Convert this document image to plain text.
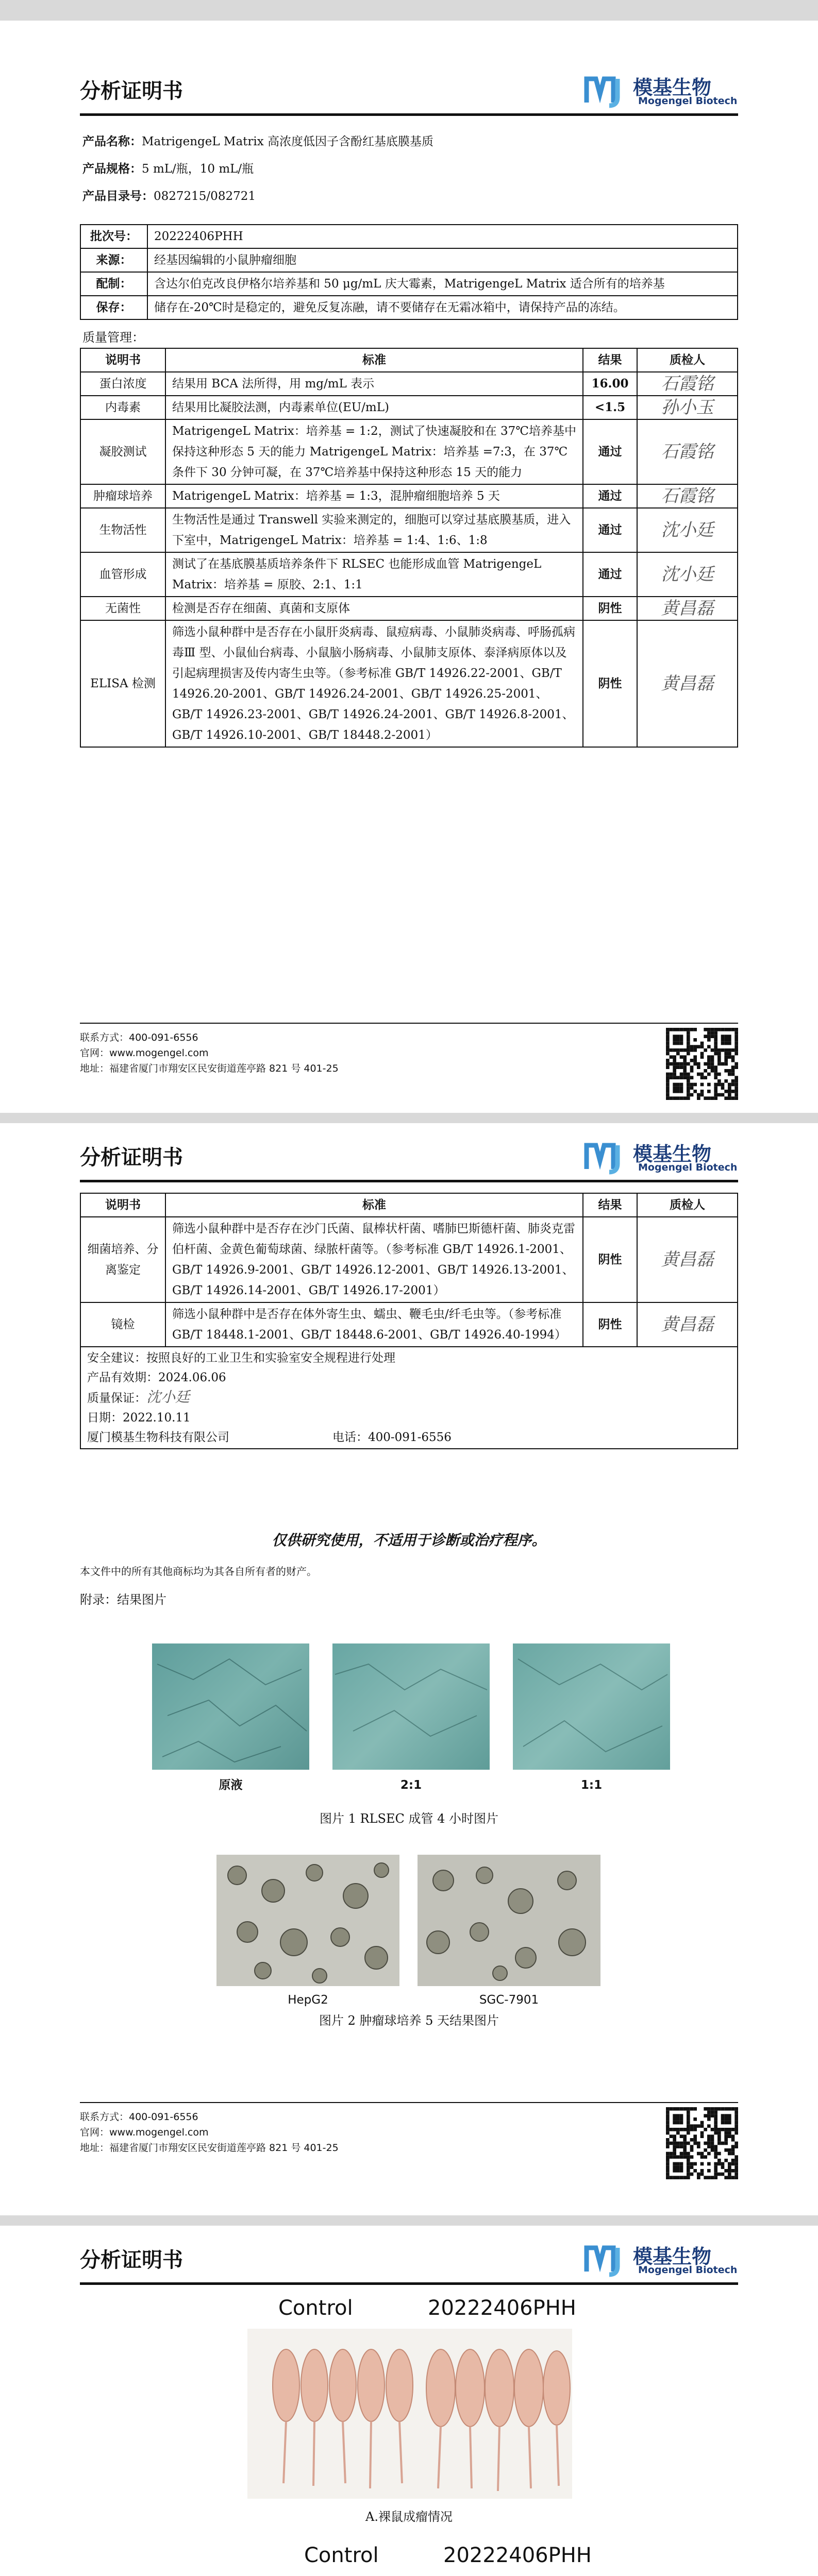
分析证明书	模基生物
Mogengel Biotech
产品名称：MatrigengeL Matrix 高浓度低因子含酚红基底膜基质
产品规格：5 mL/瓶，10 mL/瓶
产品目录号：0827215/082721
批次号：	20222406PHH
来源：	经基因编辑的小鼠肿瘤细胞
配制：	含达尔伯克改良伊格尔培养基和 50 μg/mL 庆大霉素，MatrigengeL Matrix 适合所有的培养基
保存：	储存在-20℃时是稳定的，避免反复冻融，请不要储存在无霜冰箱中，请保持产品的冻结。
质量管理：
说明书	标准	结果	质检人
蛋白浓度	结果用 BCA 法所得，用 mg/mL 表示	16.00	石霞铭
内毒素	结果用比凝胶法测，内毒素单位(EU/mL)	<1.5	孙小玉
凝胶测试	MatrigengeL Matrix：培养基 = 1:2，测试了快速凝胶和在 37℃培养基中保持这种形态 5 天的能力 MatrigengeL Matrix：培养基 =7:3，在 37℃条件下 30 分钟可凝，在 37℃培养基中保持这种形态 15 天的能力	通过	石霞铭
肿瘤球培养	MatrigengeL Matrix：培养基 = 1:3，混肿瘤细胞培养 5 天	通过	石霞铭
生物活性	生物活性是通过 Transwell 实验来测定的，细胞可以穿过基底膜基质，进入下室中，MatrigengeL Matrix：培养基 = 1:4、1:6、1:8	通过	沈小廷
血管形成	测试了在基底膜基质培养条件下 RLSEC 也能形成血管 MatrigengeL Matrix：培养基 = 原胶、2:1、1:1	通过	沈小廷
无菌性	检测是否存在细菌、真菌和支原体	阴性	黄昌磊
ELISA 检测	筛选小鼠种群中是否存在小鼠肝炎病毒、鼠痘病毒、小鼠肺炎病毒、呼肠孤病毒Ⅲ 型、小鼠仙台病毒、小鼠脑小肠病毒、小鼠肺支原体、泰泽病原体以及引起病理损害及传内寄生虫等。（参考标准 GB/T 14926.22-2001、GB/T 14926.20-2001、GB/T 14926.24-2001、GB/T 14926.25-2001、GB/T 14926.23-2001、GB/T 14926.24-2001、GB/T 14926.8-2001、GB/T 14926.10-2001、GB/T 18448.2-2001）	阴性	黄昌磊
联系方式：400-091-6556
官网：www.mogengel.com
地址：福建省厦门市翔安区民安街道莲亭路 821 号 401-25
分析证明书	模基生物
Mogengel Biotech
说明书	标准	结果	质检人
细菌培养、分离鉴定	筛选小鼠种群中是否存在沙门氏菌、鼠棒状杆菌、嗜肺巴斯德杆菌、肺炎克雷伯杆菌、金黄色葡萄球菌、绿脓杆菌等。（参考标准 GB/T 14926.1-2001、GB/T 14926.9-2001、GB/T 14926.12-2001、GB/T 14926.13-2001、GB/T 14926.14-2001、GB/T 14926.17-2001）	阴性	黄昌磊
镜检	筛选小鼠种群中是否存在体外寄生虫、蠕虫、鞭毛虫/纤毛虫等。（参考标准 GB/T 18448.1-2001、GB/T 18448.6-2001、GB/T 14926.40-1994）	阴性	黄昌磊

安全建议：按照良好的工业卫生和实验室安全规程进行处理
产品有效期：2024.06.06
质量保证：沈小廷
日期：2022.10.11
厦门模基生物科技有限公司 电话：400-091-6556			
仅供研究使用，不适用于诊断或治疗程序。
本文件中的所有其他商标均为其各自所有者的财产。
附录：结果图片
原液	2:1	1:1
图片 1 RLSEC 成管 4 小时图片
HepG2	SGC-7901
图片 2 肿瘤球培养 5 天结果图片
联系方式：400-091-6556
官网：www.mogengel.com
地址：福建省厦门市翔安区民安街道莲亭路 821 号 401-25
分析证明书	模基生物
Mogengel Biotech
Control	20222406PHH
A.裸鼠成瘤情况
Control	20222406PHH
